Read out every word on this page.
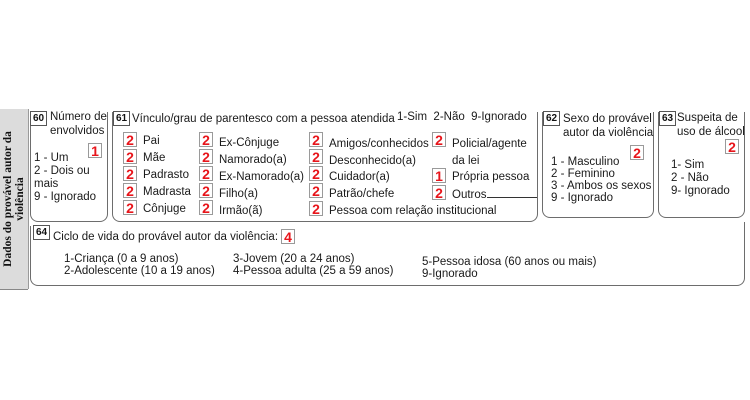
Dados do provável autor da violência
60 Número de
envolvidos
1
1 - Um
2 - Dois ou
mais
9 - Ignorado
61 Vínculo/grau de parentesco com a pessoa atendida 1-Sim  2-Não  9-Ignorado
2 Pai
2 Mãe
2 Padrasto
2 Madrasta
2 Cônjuge
2 Ex-Cônjuge
2 Namorado(a)
2 Ex-Namorado(a)
2 Filho(a)
2 Irmão(ã)
2 Amigos/conhecidos
2 Desconhecido(a)
2 Cuidador(a)
2 Patrão/chefe
2 Pessoa com relação institucional
2 Policial/agente
da lei
1 Própria pessoa
2 Outros
62 Sexo do provável
autor da violência
2
1 - Masculino
2 - Feminino
3 - Ambos os sexos
9 - Ignorado
63 Suspeita de
uso de álcool
2
1- Sim
2 - Não
9- Ignorado
64 Ciclo de vida do provável autor da violência: 4
1-Criança (0 a 9 anos)
2-Adolescente (10 a 19 anos)
3-Jovem (20 a 24 anos)
4-Pessoa adulta (25 a 59 anos)
5-Pessoa idosa (60 anos ou mais)
9-Ignorado
